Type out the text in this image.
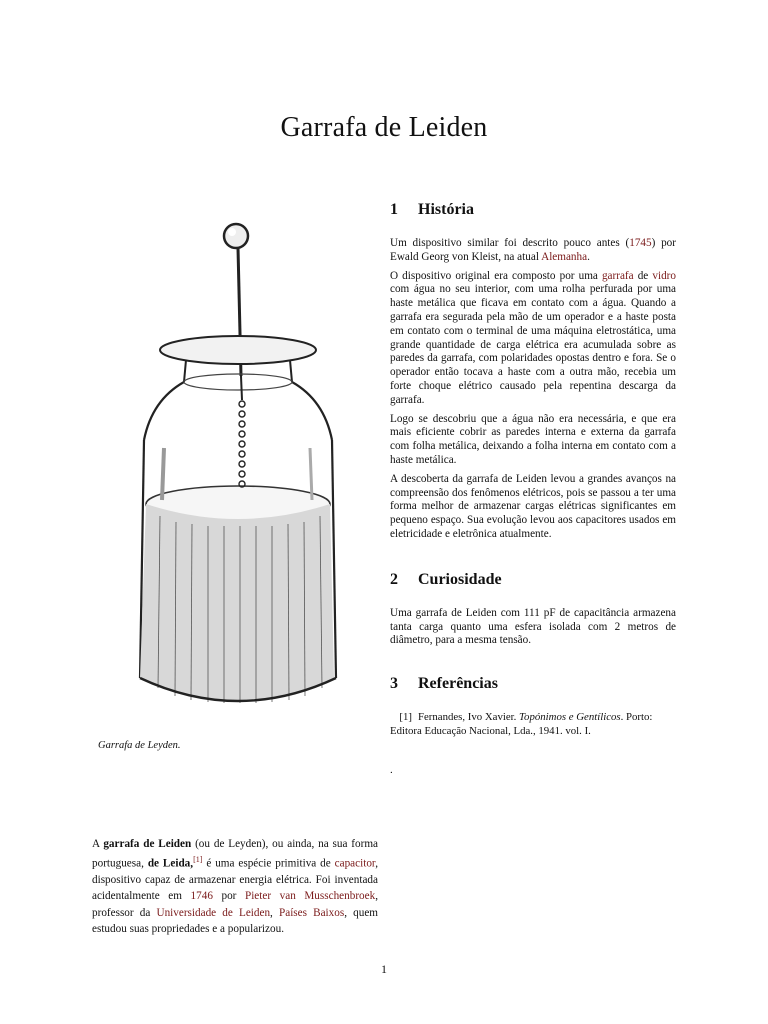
Garrafa de Leiden

Garrafa de Leyden.

A garrafa de Leiden (ou de Leyden), ou ainda, na sua forma portuguesa, de Leida,[1] é uma espécie primitiva de capacitor, dispositivo capaz de armazenar energia elétrica. Foi inventada acidentalmente em 1746 por Pieter van Musschenbroek, professor da Universidade de Leiden, Países Baixos, quem estudou suas propriedades e a popularizou.

1 História

Um dispositivo similar foi descrito pouco antes (1745) por Ewald Georg von Kleist, na atual Alemanha.

O dispositivo original era composto por uma garrafa de vidro com água no seu interior, com uma rolha perfurada por uma haste metálica que ficava em contato com a água. Quando a garrafa era segurada pela mão de um operador e a haste posta em contato com o terminal de uma máquina eletrostática, uma grande quantidade de carga elétrica era acumulada sobre as paredes da garrafa, com polaridades opostas dentro e fora. Se o operador então tocava a haste com a outra mão, recebia um forte choque elétrico causado pela repentina descarga da garrafa.

Logo se descobriu que a água não era necessária, e que era mais eficiente cobrir as paredes interna e externa da garrafa com folha metálica, deixando a folha interna em contato com a haste metálica.

A descoberta da garrafa de Leiden levou a grandes avanços na compreensão dos fenômenos elétricos, pois se passou a ter uma forma melhor de armazenar cargas elétricas significantes em pequeno espaço. Sua evolução levou aos capacitores usados em eletricidade e eletrônica atualmente.

2 Curiosidade

Uma garrafa de Leiden com 111 pF de capacitância armazena tanta carga quanto uma esfera isolada com 2 metros de diâmetro, para a mesma tensão.

3 Referências

[1] Fernandes, Ivo Xavier. Topónimos e Gentílicos. Porto: Editora Educação Nacional, Lda., 1941. vol. I.

.

1
